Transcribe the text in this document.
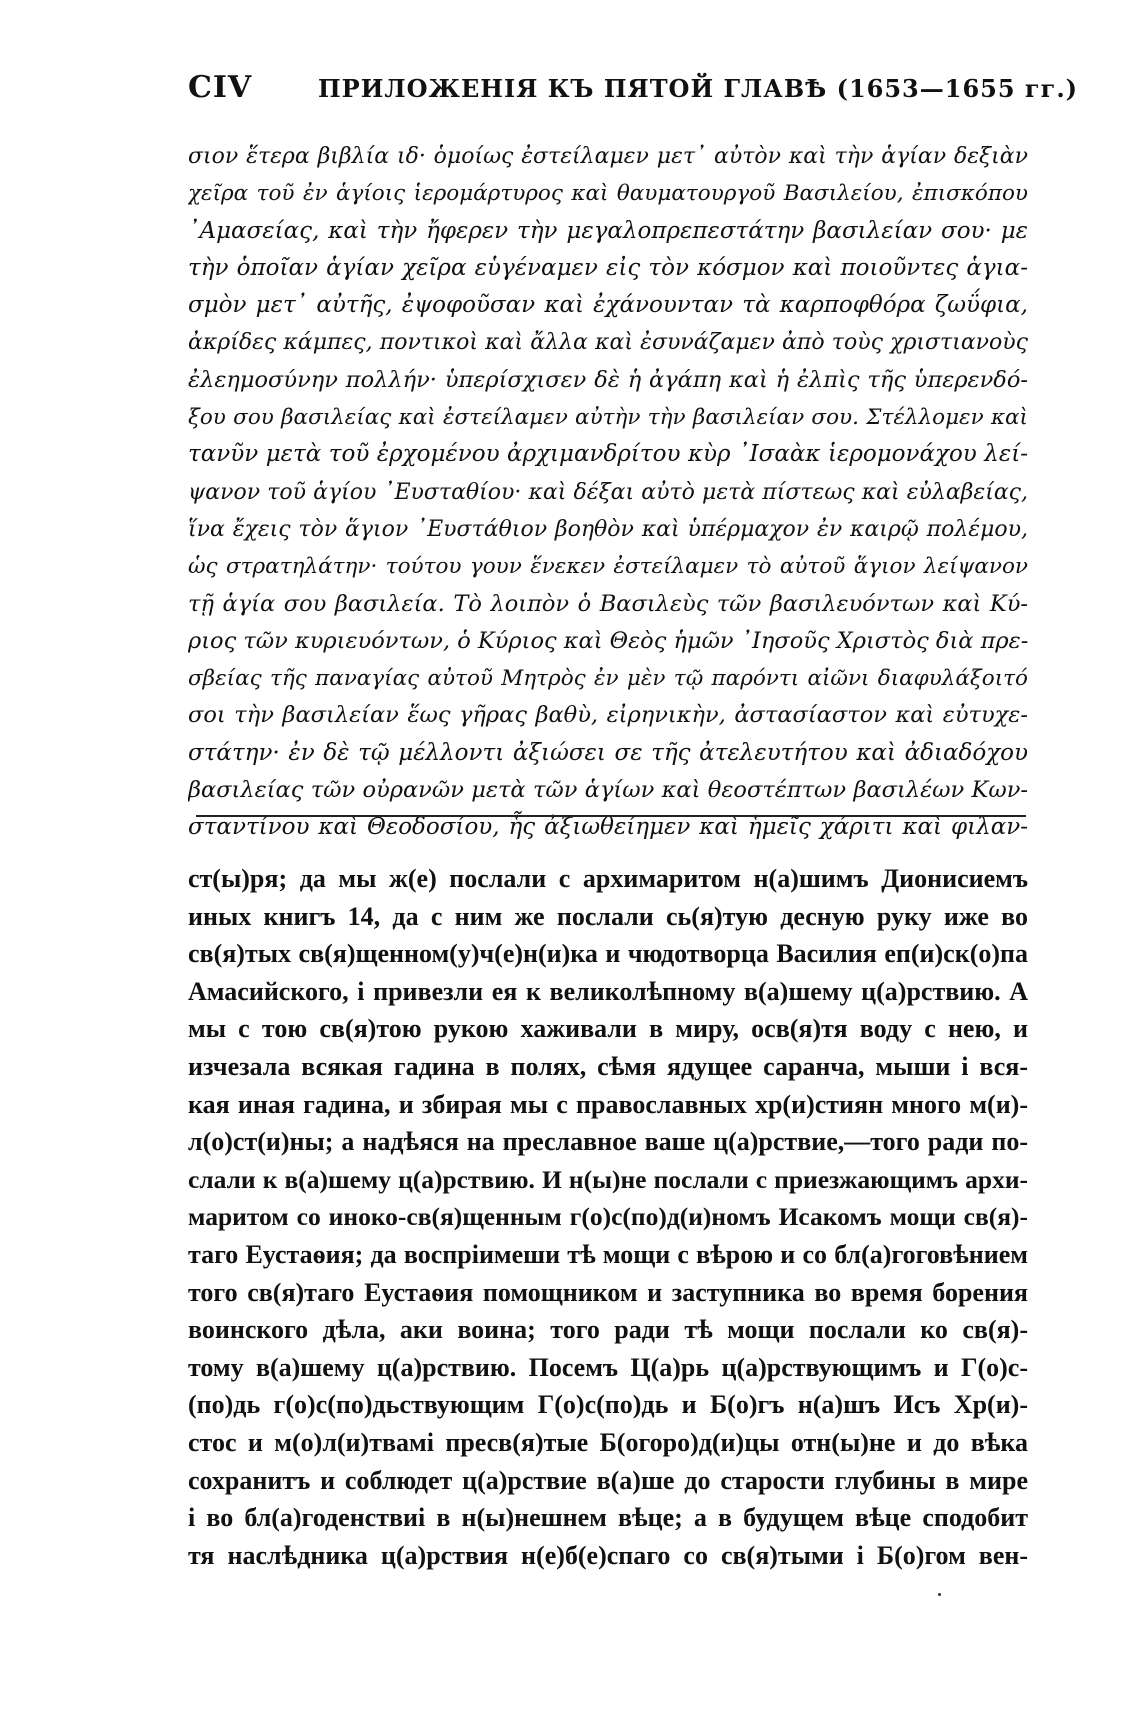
CIV	ПРИЛОЖЕНІЯ КЪ ПЯТОЙ ГЛАВѢ (1653—1655 гг.)
σιον ἕτερα βιβλία ιδ· ὁμοίως ἐστείλαμεν μετ᾽ αὐτὸν καὶ τὴν ἁγίαν δεξιὰν
χεῖρα τοῦ ἐν ἁγίοις ἱερομάρτυρος καὶ θαυματουργοῦ Βασιλείου, ἐπισκόπου
᾽Αμασείας, καὶ τὴν ἤφερεν τὴν μεγαλοπρεπεστάτην βασιλείαν σου· με
τὴν ὁποῖαν ἁγίαν χεῖρα εὑγέναμεν εἰς τὸν κόσμον καὶ ποιοῦντες ἁγια-
σμὸν μετ᾽ αὐτῆς, ἐψοφοῦσαν καὶ ἐχάνουνταν τὰ καρποφθόρα ζωΰφια,
ἀκρίδες κάμπες, ποντικοὶ καὶ ἄλλα καὶ ἐσυνάζαμεν ἀπὸ τοὺς χριστιανοὺς
ἐλεημοσύνην πολλήν· ὑπερίσχισεν δὲ ἡ ἀγάπη καὶ ἡ ἐλπὶς τῆς ὑπερενδό-
ξου σου βασιλείας καὶ ἐστείλαμεν αὐτὴν τὴν βασιλείαν σου. Στέλλομεν καὶ
τανῦν μετὰ τοῦ ἐρχομένου ἀρχιμανδρίτου κὺρ ᾽Ισαὰκ ἱερομονάχου λεί-
ψανον τοῦ ἁγίου ᾽Ευσταθίου· καὶ δέξαι αὐτὸ μετὰ πίστεως καὶ εὐλαβείας,
ἵνα ἔχεις τὸν ἅγιον ᾽Ευστάθιον βοηθὸν καὶ ὑπέρμαχον ἐν καιρῷ πολέμου,
ὡς στρατηλάτην· τούτου γουν ἕνεκεν ἐστείλαμεν τὸ αὐτοῦ ἅγιον λείψανον
τῇ ἁγία σου βασιλεία. Τὸ λοιπὸν ὁ Βασιλεὺς τῶν βασιλευόντων καὶ Κύ-
ριος τῶν κυριευόντων, ὁ Κύριος καὶ Θεὸς ἡμῶν ᾽Ιησοῦς Χριστὸς διὰ πρε-
σβείας τῆς παναγίας αὐτοῦ Μητρὸς ἐν μὲν τῷ παρόντι αἰῶνι διαφυλάξοιτό
σοι τὴν βασιλείαν ἕως γῆρας βαθὺ, εἰρηνικὴν, ἀστασίαστον καὶ εὐτυχε-
στάτην· ἐν δὲ τῷ μέλλοντι ἀξιώσει σε τῆς ἀτελευτήτου καὶ ἀδιαδόχου
βασιλείας τῶν οὐρανῶν μετὰ τῶν ἁγίων καὶ θεοστέπτων βασιλέων Κων-
σταντίνου καὶ Θεοδοσίου, ἧς ἀξιωθείημεν καὶ ἡμεῖς χάριτι καὶ φιλαν-
ст(ы)ря; да мы ж(е) послали с архимаритом н(а)шимъ Дионисиемъ
иных книгъ 14, да с ним же послали сь(я)тую десную руку иже во
св(я)тых св(я)щенном(у)ч(е)н(и)ка и чюдотворца Василия еп(и)ск(о)па
Амасийского, і привезли ея к великолѣпному в(а)шему ц(а)рствию. А
мы с тою св(я)тою рукою хаживали в миру, осв(я)тя воду с нею, и
изчезала всякая гадина в полях, сѣмя ядущее саранча, мыши і вся-
кая иная гадина, и збирая мы с православных хр(и)стиян много м(и)-
л(о)ст(и)ны; а надѣяся на преславное ваше ц(а)рствие,—того ради по-
слали к в(а)шему ц(а)рствию. И н(ы)не послали с приезжающимъ архи-
маритом со иноко-св(я)щенным г(о)с(по)д(и)номъ Исакомъ мощи св(я)-
таго Еустаѳия; да воспріимеши тѣ мощи с вѣрою и со бл(а)гоговѣнием
того св(я)таго Еустаѳия помощником и заступника во время борения
воинского дѣла, аки воина; того ради тѣ мощи послали ко св(я)-
тому в(а)шему ц(а)рствию. Посемъ Ц(а)рь ц(а)рствующимъ и Г(о)с-
(по)дь г(о)с(по)дьствующим Г(о)с(по)дь и Б(о)гъ н(а)шъ Исъ Хр(и)-
стос и м(о)л(и)твамі пресв(я)тые Б(огоро)д(и)цы отн(ы)не и до вѣка
сохранитъ и соблюдет ц(а)рствие в(а)ше до старости глубины в мире
і во бл(а)годенствиі в н(ы)нешнем вѣце; а в будущем вѣце сподобит
тя наслѣдника ц(а)рствия н(е)б(е)спаго со св(я)тыми і Б(о)гом вен-
